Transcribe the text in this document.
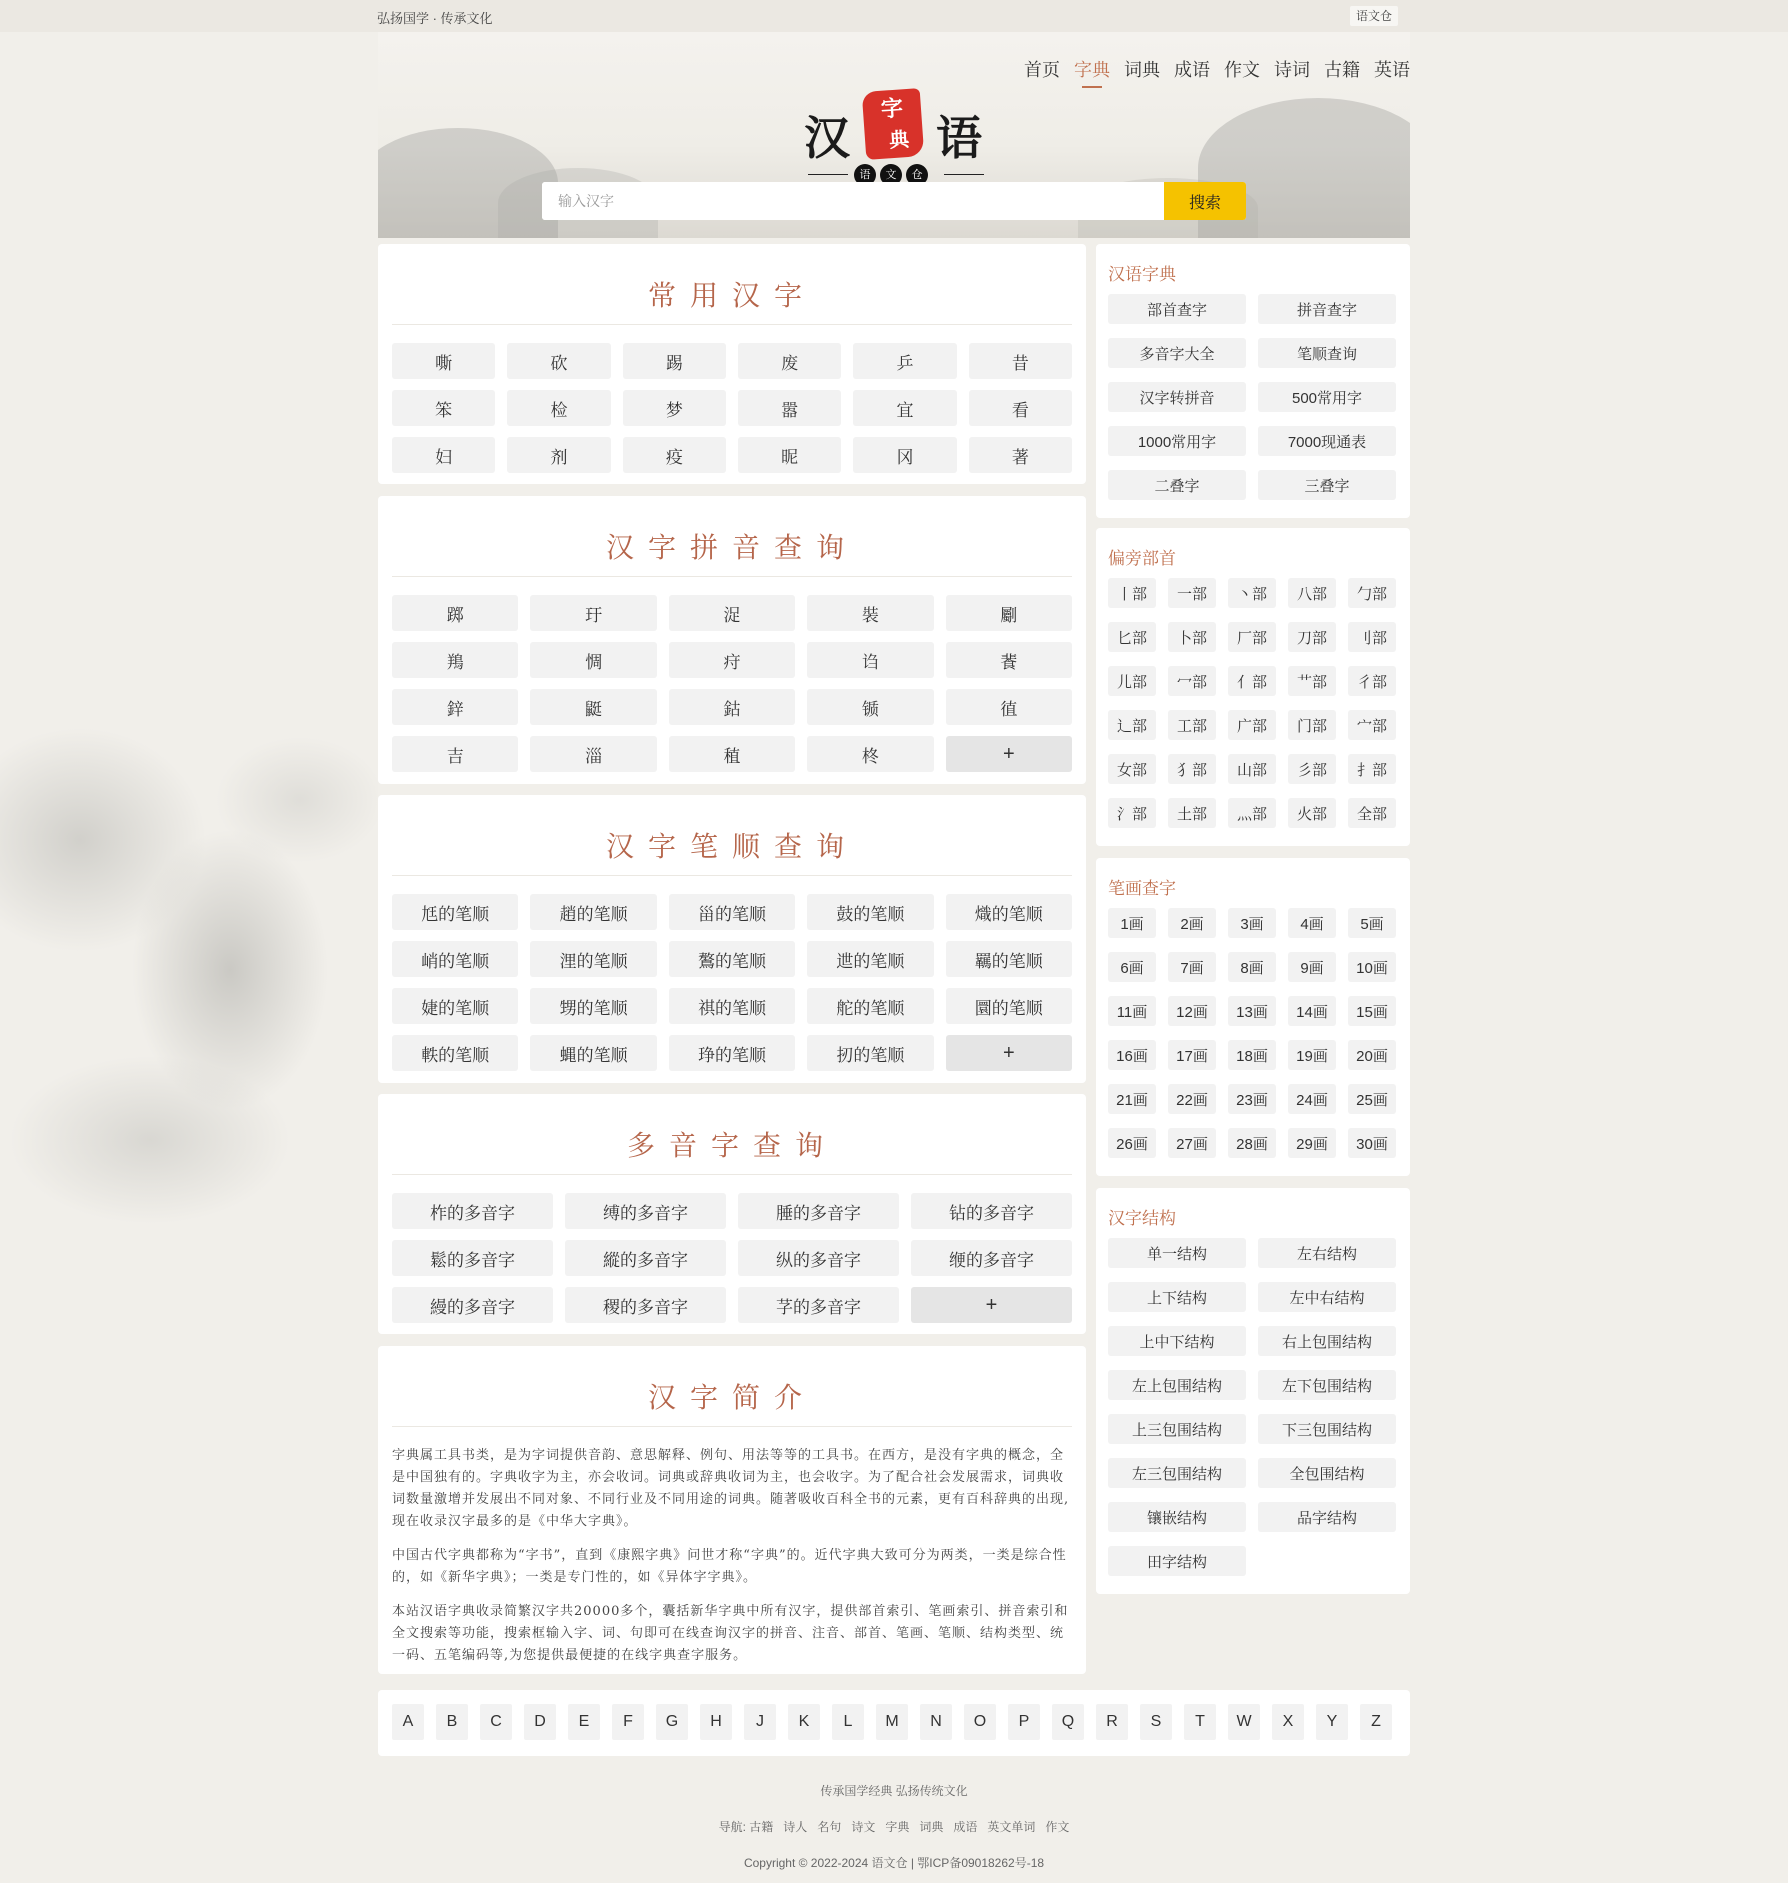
弘扬国学 · 传承文化	语文仓
汉
字
典 语
语	文	仓
首页 字典 词典 成语 作文 诗词 古籍 英语
输入汉字
搜索
常用汉字
嘶	砍	踢	废	乒	昔
笨	检	梦	嚣	宜	看
妇	剂	疫	昵	冈	著
汉字拼音查询
踯	玗	浞	裝	劚
鴹	惆	疛	诌	餥
鋅	鼮	鈷	锧	徝
吉	淄	稙	柊	+
汉字笔顺查询
尪的笔顺	趙的笔顺	甾的笔顺	鼓的笔顺	熾的笔顺
峭的笔顺	浬的笔顺	鷔的笔顺	迣的笔顺	羈的笔顺
婕的笔顺	甥的笔顺	祺的笔顺	舵的笔顺	圜的笔顺
軼的笔顺	蝿的笔顺	琤的笔顺	扨的笔顺	+
多音字查询
柞的多音字	缚的多音字	腄的多音字	钻的多音字
鬆的多音字	縱的多音字	纵的多音字	缏的多音字
縵的多音字	稷的多音字	芓的多音字	+
汉字简介

字典属工具书类，是为字词提供音韵、意思解释、例句、用法等等的工具书。在西方，是没有字典的概念，全是中国独有的。字典收字为主，亦会收词。词典或辞典收词为主，也会收字。为了配合社会发展需求，词典收词数量激增并发展出不同对象、不同行业及不同用途的词典。随著吸收百科全书的元素，更有百科辞典的出现,现在收录汉字最多的是《中华大字典》。

中国古代字典都称为“字书”，直到《康熙字典》问世才称“字典”的。近代字典大致可分为两类，一类是综合性的，如《新华字典》；一类是专门性的，如《异体字字典》。

本站汉语字典收录简繁汉字共20000多个，囊括新华字典中所有汉字，提供部首索引、笔画索引、拼音索引和全文搜索等功能，搜索框输入字、词、句即可在线查询汉字的拼音、注音、部首、笔画、笔顺、结构类型、统一码、五笔编码等,为您提供最便捷的在线字典查字服务。

汉语字典
部首查字	拼音查字
多音字大全	笔顺查询
汉字转拼音	500常用字
1000常用字	7000现通表
二叠字	三叠字
偏旁部首
丨部	一部	丶部	八部	勹部
匕部	卜部	厂部	刀部	刂部
儿部	冖部	亻部	艹部	彳部
辶部	工部	广部	门部	宀部
女部	犭部	山部	彡部	扌部
氵部	土部	灬部	火部	全部
笔画查字
1画	2画	3画	4画	5画
6画	7画	8画	9画	10画
11画	12画	13画	14画	15画
16画	17画	18画	19画	20画
21画	22画	23画	24画	25画
26画	27画	28画	29画	30画
汉字结构
单一结构	左右结构
上下结构	左中右结构
上中下结构	右上包围结构
左上包围结构	左下包围结构
上三包围结构	下三包围结构
左三包围结构	全包围结构
镶嵌结构	品字结构
田字结构
A	B	C	D	E	F	G	H	J	K	L	M	N	O	P	Q	R	S	T	W	X	Y	Z
传承国学经典 弘扬传统文化
导航: 古籍 诗人 名句 诗文 字典 词典 成语 英文单词 作文
Copyright © 2022-2024 语文仓 | 鄂ICP备09018262号-18
